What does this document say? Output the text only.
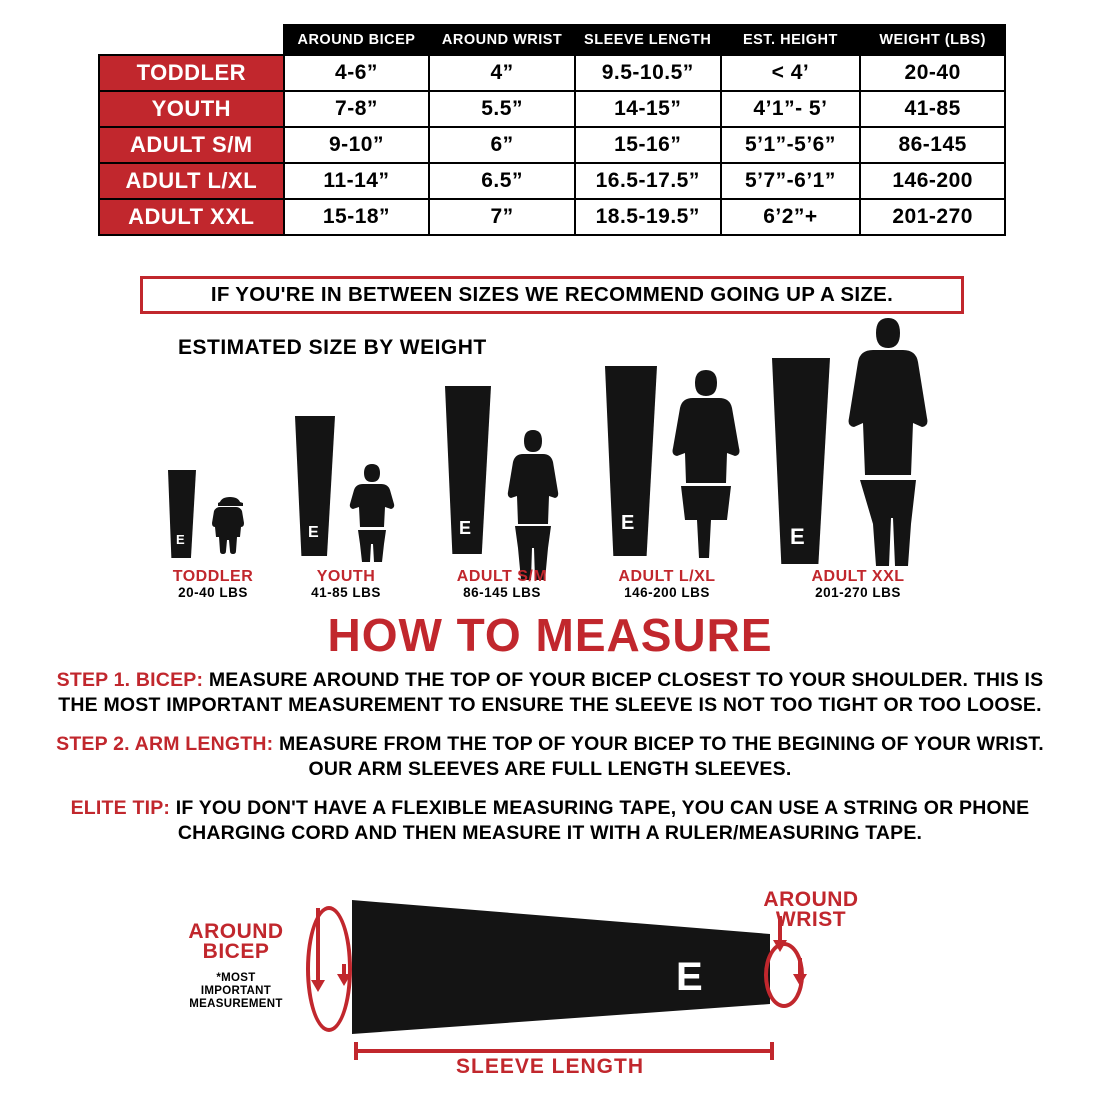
	AROUND BICEP	AROUND WRIST	SLEEVE LENGTH	EST. HEIGHT	WEIGHT (LBS)
TODDLER	4-6”	4”	9.5-10.5”	< 4’	20-40
YOUTH	7-8”	5.5”	14-15”	4’1”- 5’	41-85
ADULT S/M	9-10”	6”	15-16”	5’1”-5’6”	86-145
ADULT L/XL	11-14”	6.5”	16.5-17.5”	5’7”-6’1”	146-200
ADULT XXL	15-18”	7”	18.5-19.5”	6’2”+	201-270
IF YOU'RE IN BETWEEN SIZES WE RECOMMEND GOING UP A SIZE.
ESTIMATED SIZE BY WEIGHT
E	E	E	E
E
TODDLER
20-40 LBS
YOUTH
41-85 LBS
ADULT S/M
86-145 LBS
ADULT L/XL
146-200 LBS
ADULT XXL
201-270 LBS
HOW TO MEASURE
STEP 1. BICEP: MEASURE AROUND THE TOP OF YOUR BICEP CLOSEST TO YOUR SHOULDER. THIS IS THE MOST IMPORTANT MEASUREMENT TO ENSURE THE SLEEVE IS NOT TOO TIGHT OR TOO LOOSE.
STEP 2. ARM LENGTH: MEASURE FROM THE TOP OF YOUR BICEP TO THE BEGINING OF YOUR WRIST. OUR ARM SLEEVES ARE FULL LENGTH SLEEVES.
ELITE TIP: IF YOU DON'T HAVE A FLEXIBLE MEASURING TAPE, YOU CAN USE A STRING OR PHONE CHARGING CORD AND THEN MEASURE IT WITH A RULER/MEASURING TAPE.
E
AROUND
BICEP
*MOST
IMPORTANT
MEASUREMENT
AROUND
WRIST
SLEEVE LENGTH
